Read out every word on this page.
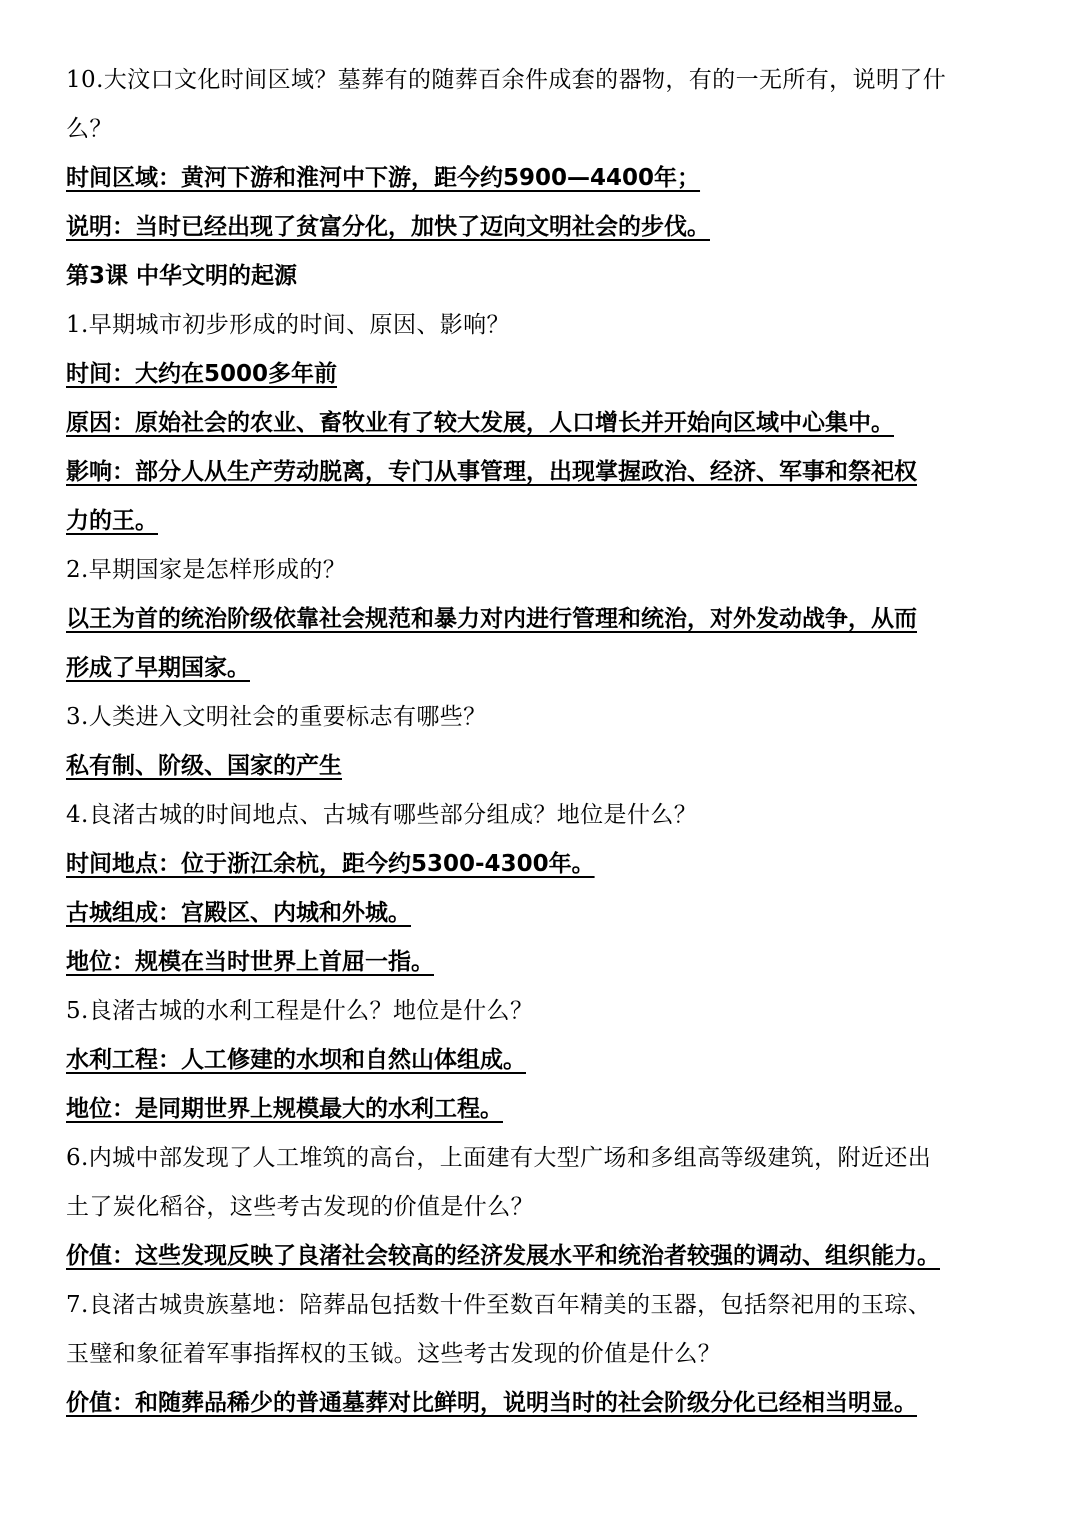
10.大汶口文化时间区域？墓葬有的随葬百余件成套的器物，有的一无所有，说明了什
么？
时间区域：黄河下游和淮河中下游，距今约5900—4400年；
说明：当时已经出现了贫富分化，加快了迈向文明社会的步伐。
第3课 中华文明的起源
1.早期城市初步形成的时间、原因、影响？
时间：大约在5000多年前
原因：原始社会的农业、畜牧业有了较大发展，人口增长并开始向区域中心集中。
影响：部分人从生产劳动脱离，专门从事管理，出现掌握政治、经济、军事和祭祀权
力的王。
2.早期国家是怎样形成的？
以王为首的统治阶级依靠社会规范和暴力对内进行管理和统治，对外发动战争，从而
形成了早期国家。
3.人类进入文明社会的重要标志有哪些？
私有制、阶级、国家的产生
4.良渚古城的时间地点、古城有哪些部分组成？地位是什么？
时间地点：位于浙江余杭，距今约5300-4300年。
古城组成：宫殿区、内城和外城。
地位：规模在当时世界上首屈一指。
5.良渚古城的水利工程是什么？地位是什么？
水利工程：人工修建的水坝和自然山体组成。
地位：是同期世界上规模最大的水利工程。
6.内城中部发现了人工堆筑的高台，上面建有大型广场和多组高等级建筑，附近还出
土了炭化稻谷，这些考古发现的价值是什么？
价值：这些发现反映了良渚社会较高的经济发展水平和统治者较强的调动、组织能力。
7.良渚古城贵族墓地：陪葬品包括数十件至数百年精美的玉器，包括祭祀用的玉琮、
玉璧和象征着军事指挥权的玉钺。这些考古发现的价值是什么？
价值：和随葬品稀少的普通墓葬对比鲜明，说明当时的社会阶级分化已经相当明显。
